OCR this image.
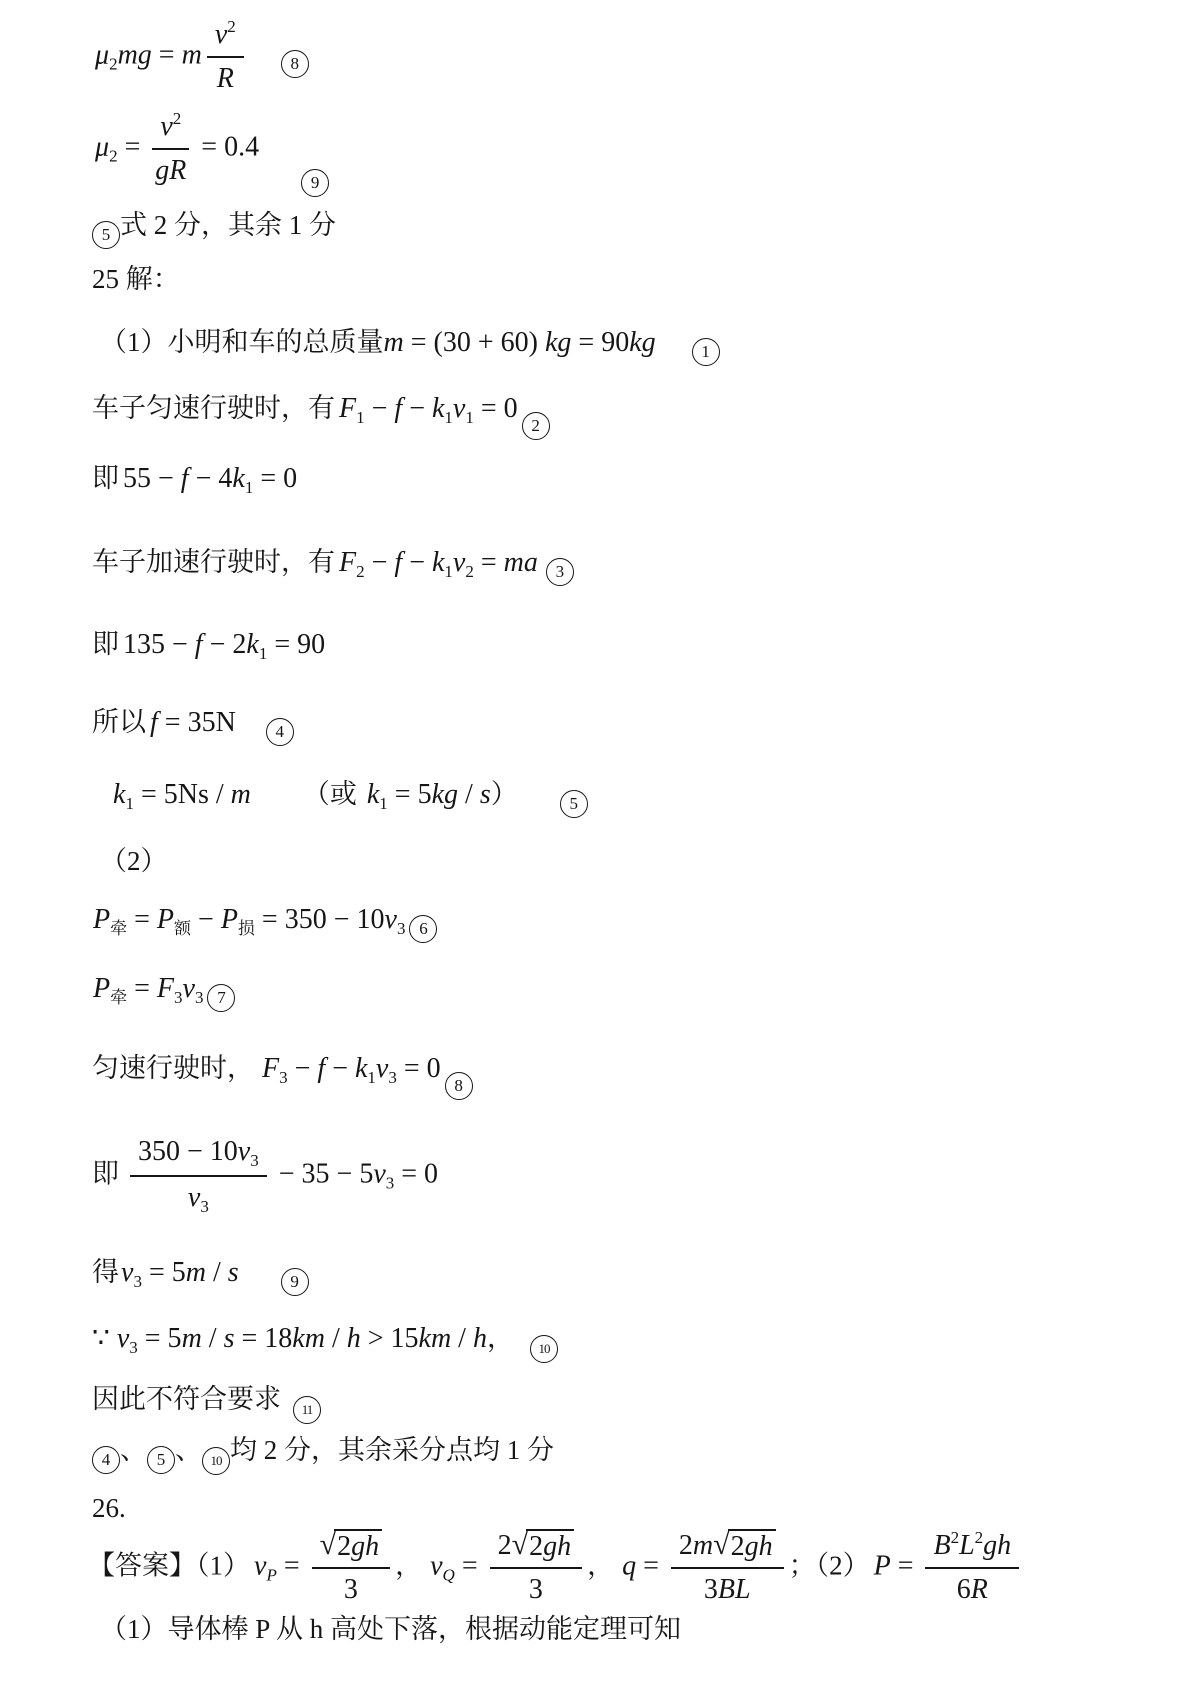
$\mu_2mg = m \frac{v^2}{R}$	8
$\mu_2 = \frac{v^2}{gR} = 0.49$
5 式 2 分，其余 1 分
25 解：
（1）小明和车的总质量m = (30 + 60) kg = 90kg	1
车子匀速行驶时，有 $F_1 - f - k_1v_1 = 02$
即 $55 - f - 4k_1 = 0$
车子加速行驶时，有 $F_2 - f - k_1v_2$ = ma 3
即 $135 - f - 2k_1 = 90$
所以 f = 35N 4
$k_1 = 5Ns / m$ （或 $k_1 = 5kg / s$）	5
（2）
$P_牵 = P_额 - P_损 = 350 - 10v_3$ 6
$P_牵 = F_3v_3$ 7
匀速行驶时， $F_3 - f - k_1v_3 = 08$
即 $\frac{350 - 10v_3}{v_3} - 35 - 5v_3 = 0$
得$v_3 = 5m / s$	9
∵ $v_3 = 5m / s = 18km / h > 15km / h$， 10
因此不符合要求 11
4 、 5 、 10 均 2 分，其余采分点均 1 分
26.
【答案】（1） $v_P = \frac{√ 2gh}{3}$ ， $v_Q = \frac{2 √ 2gh}{3}$ ， $q = \frac{2m √ 2gh}{3BL}$ ；（2） $P = \frac{B^2L^2gh}{6R}$
（1）导体棒 P 从 h 高处下落，根据动能定理可知
